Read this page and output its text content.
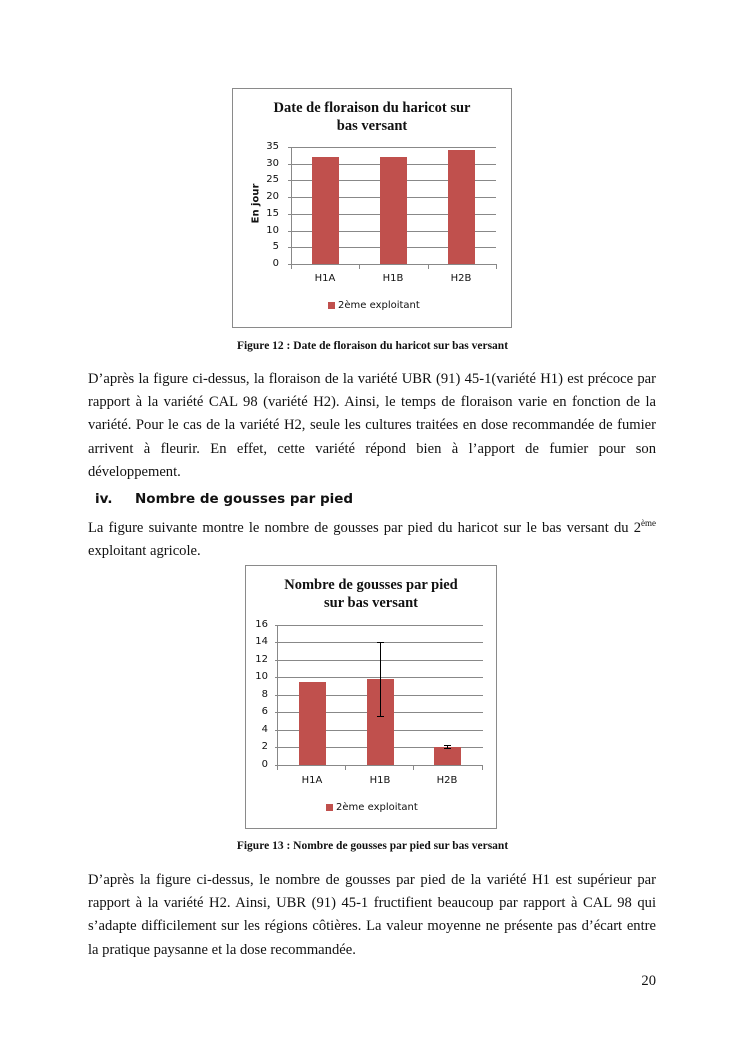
Date de floraison du haricot sur
bas versant
En jour
35
30
25
20
15
10
5
0
H1A	H1B	H2B
2ème exploitant
Figure 12 : Date de floraison du haricot sur bas versant
D’après la figure ci-dessus, la floraison de la variété UBR (91) 45-1(variété H1) est précoce par rapport à la variété CAL 98 (variété H2). Ainsi, le temps de floraison varie en fonction de la variété. Pour le cas de la variété H2, seule les cultures traitées en dose recommandée de fumier arrivent à fleurir. En effet, cette variété répond bien à l’apport de fumier pour son développement.
iv. Nombre de gousses par pied
La figure suivante montre le nombre de gousses par pied du haricot sur le bas versant du 2ème exploitant agricole.
Nombre de gousses par pied
sur bas versant
16
14
12
10
8
6
4
2
0
H1A	H1B	H2B
2ème exploitant
Figure 13 : Nombre de gousses par pied sur bas versant
D’après la figure ci-dessus, le nombre de gousses par pied de la variété H1 est supérieur par rapport à la variété H2. Ainsi, UBR (91) 45-1 fructifient beaucoup par rapport à CAL 98 qui s’adapte difficilement sur les régions côtières. La valeur moyenne ne présente pas d’écart entre la pratique paysanne et la dose recommandée.
20
